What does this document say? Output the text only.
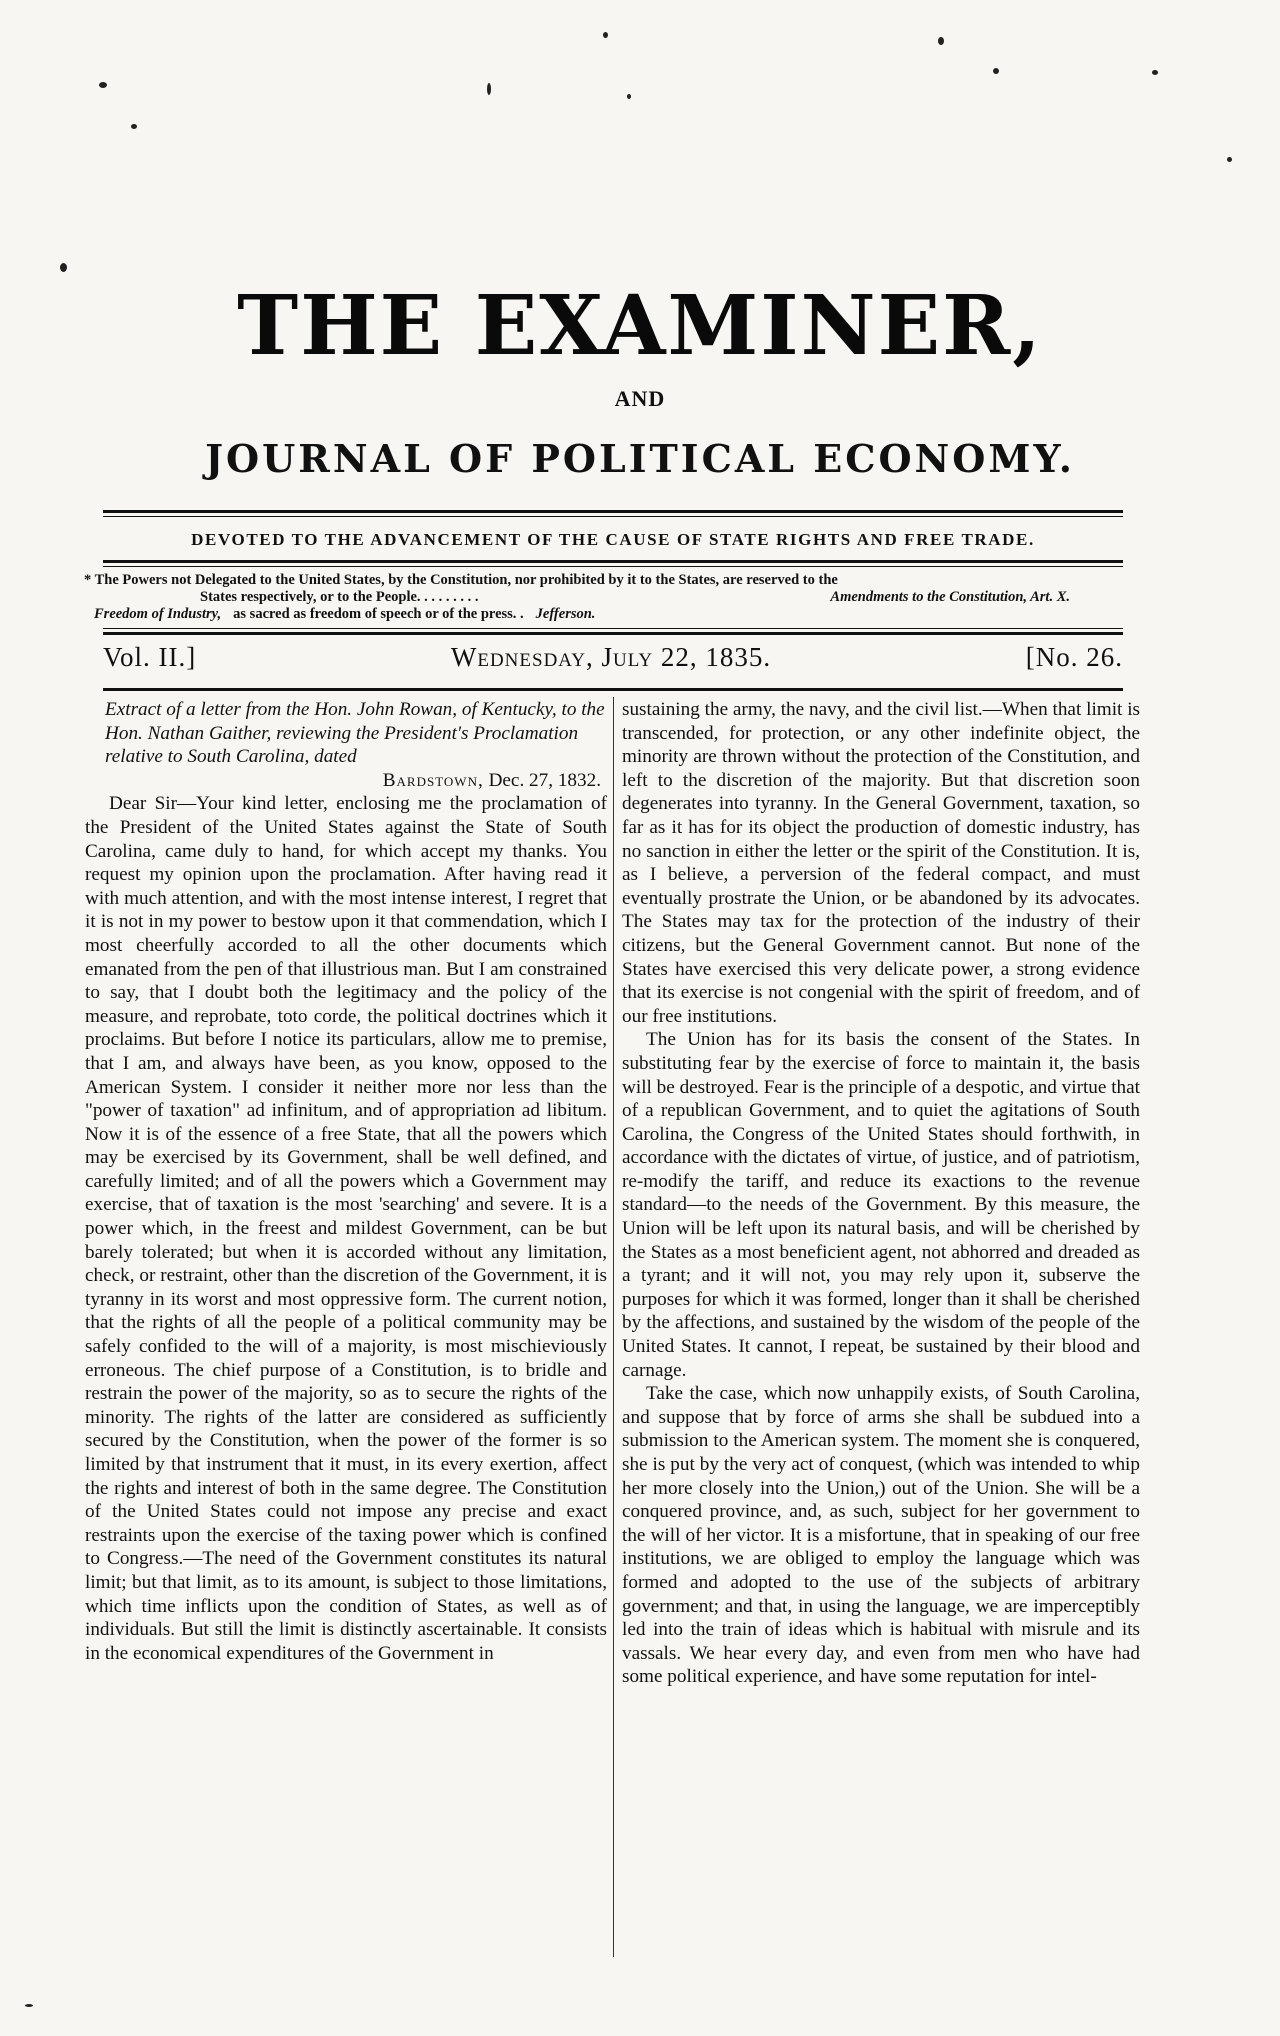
THE EXAMINER,
AND
JOURNAL OF POLITICAL ECONOMY.
DEVOTED TO THE ADVANCEMENT OF THE CAUSE OF STATE RIGHTS AND FREE TRADE.
* The Powers not Delegated to the United States, by the Constitution, nor prohibited by it to the States, are reserved to the
States respectively, or to the People. . . . . . . . .	Amendments to the Constitution, Art. X.
Freedom of Industry, as sacred as freedom of speech or of the press. . Jefferson.
Vol. II.]	Wednesday, July 22, 1835.	[No. 26.

Extract of a letter from the Hon. John Rowan, of Kentucky, to the Hon. Nathan Gaither, reviewing the President's Proclamation relative to South Carolina, dated

Bardstown, Dec. 27, 1832.

Dear Sir—Your kind letter, enclosing me the proclamation of the President of the United States against the State of South Carolina, came duly to hand, for which accept my thanks. You request my opinion upon the proclamation. After having read it with much attention, and with the most intense interest, I regret that it is not in my power to bestow upon it that commendation, which I most cheerfully accorded to all the other documents which emanated from the pen of that illustrious man. But I am constrained to say, that I doubt both the legitimacy and the policy of the measure, and reprobate, toto corde, the political doctrines which it proclaims. But before I notice its particulars, allow me to premise, that I am, and always have been, as you know, opposed to the American System. I consider it neither more nor less than the "power of taxation" ad infinitum, and of appropriation ad libitum. Now it is of the essence of a free State, that all the powers which may be exercised by its Government, shall be well defined, and carefully limited; and of all the powers which a Government may exercise, that of taxation is the most 'searching' and severe. It is a power which, in the freest and mildest Government, can be but barely tolerated; but when it is accorded without any limitation, check, or restraint, other than the discretion of the Government, it is tyranny in its worst and most oppressive form. The current notion, that the rights of all the people of a political community may be safely confided to the will of a majority, is most mischieviously erroneous. The chief purpose of a Constitution, is to bridle and restrain the power of the majority, so as to secure the rights of the minority. The rights of the latter are considered as sufficiently secured by the Constitution, when the power of the former is so limited by that instrument that it must, in its every exertion, affect the rights and interest of both in the same degree. The Constitution of the United States could not impose any precise and exact restraints upon the exercise of the taxing power which is confined to Congress.—The need of the Government constitutes its natural limit; but that limit, as to its amount, is subject to those limitations, which time inflicts upon the condition of States, as well as of individuals. But still the limit is distinctly ascertainable. It consists in the economical expenditures of the Government in

sustaining the army, the navy, and the civil list.—When that limit is transcended, for protection, or any other indefinite object, the minority are thrown without the protection of the Constitution, and left to the discretion of the majority. But that discretion soon degenerates into tyranny. In the General Government, taxation, so far as it has for its object the production of domestic industry, has no sanction in either the letter or the spirit of the Constitution. It is, as I believe, a perversion of the federal compact, and must eventually prostrate the Union, or be abandoned by its advocates. The States may tax for the protection of the industry of their citizens, but the General Government cannot. But none of the States have exercised this very delicate power, a strong evidence that its exercise is not congenial with the spirit of freedom, and of our free institutions.

The Union has for its basis the consent of the States. In substituting fear by the exercise of force to maintain it, the basis will be destroyed. Fear is the principle of a despotic, and virtue that of a republican Government, and to quiet the agitations of South Carolina, the Congress of the United States should forthwith, in accordance with the dictates of virtue, of justice, and of patriotism, re-modify the tariff, and reduce its exactions to the revenue standard—to the needs of the Government. By this measure, the Union will be left upon its natural basis, and will be cherished by the States as a most beneficient agent, not abhorred and dreaded as a tyrant; and it will not, you may rely upon it, subserve the purposes for which it was formed, longer than it shall be cherished by the affections, and sustained by the wisdom of the people of the United States. It cannot, I repeat, be sustained by their blood and carnage.

Take the case, which now unhappily exists, of South Carolina, and suppose that by force of arms she shall be subdued into a submission to the American system. The moment she is conquered, she is put by the very act of conquest, (which was intended to whip her more closely into the Union,) out of the Union. She will be a conquered province, and, as such, subject for her government to the will of her victor. It is a misfortune, that in speaking of our free institutions, we are obliged to employ the language which was formed and adopted to the use of the subjects of arbitrary government; and that, in using the language, we are imperceptibly led into the train of ideas which is habitual with misrule and its vassals. We hear every day, and even from men who have had some political experience, and have some reputation for intel-
